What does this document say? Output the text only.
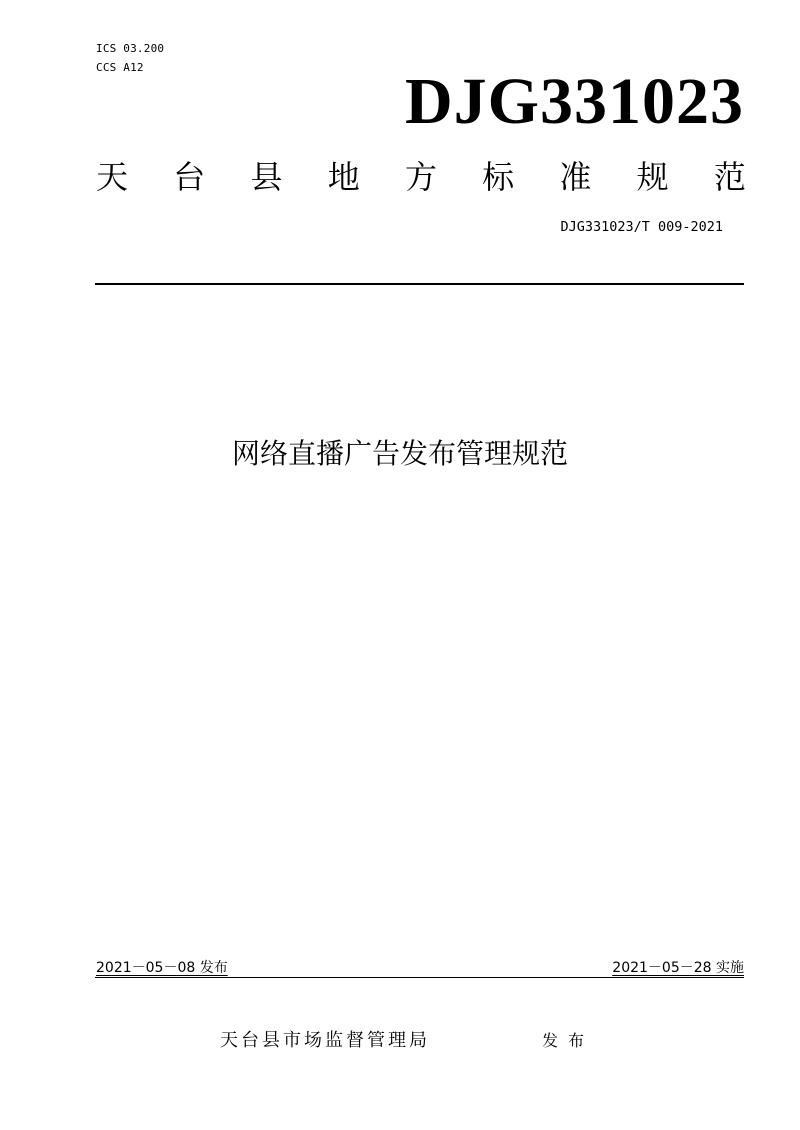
ICS 03.200
CCS A12	DJG331023
天 台 县 地 方 标 准 规 范
DJG331023/T 009-2021
网络直播广告发布管理规范
2021－05－08 发布	2021－05－28 实施
天台县市场监督管理局	发布
